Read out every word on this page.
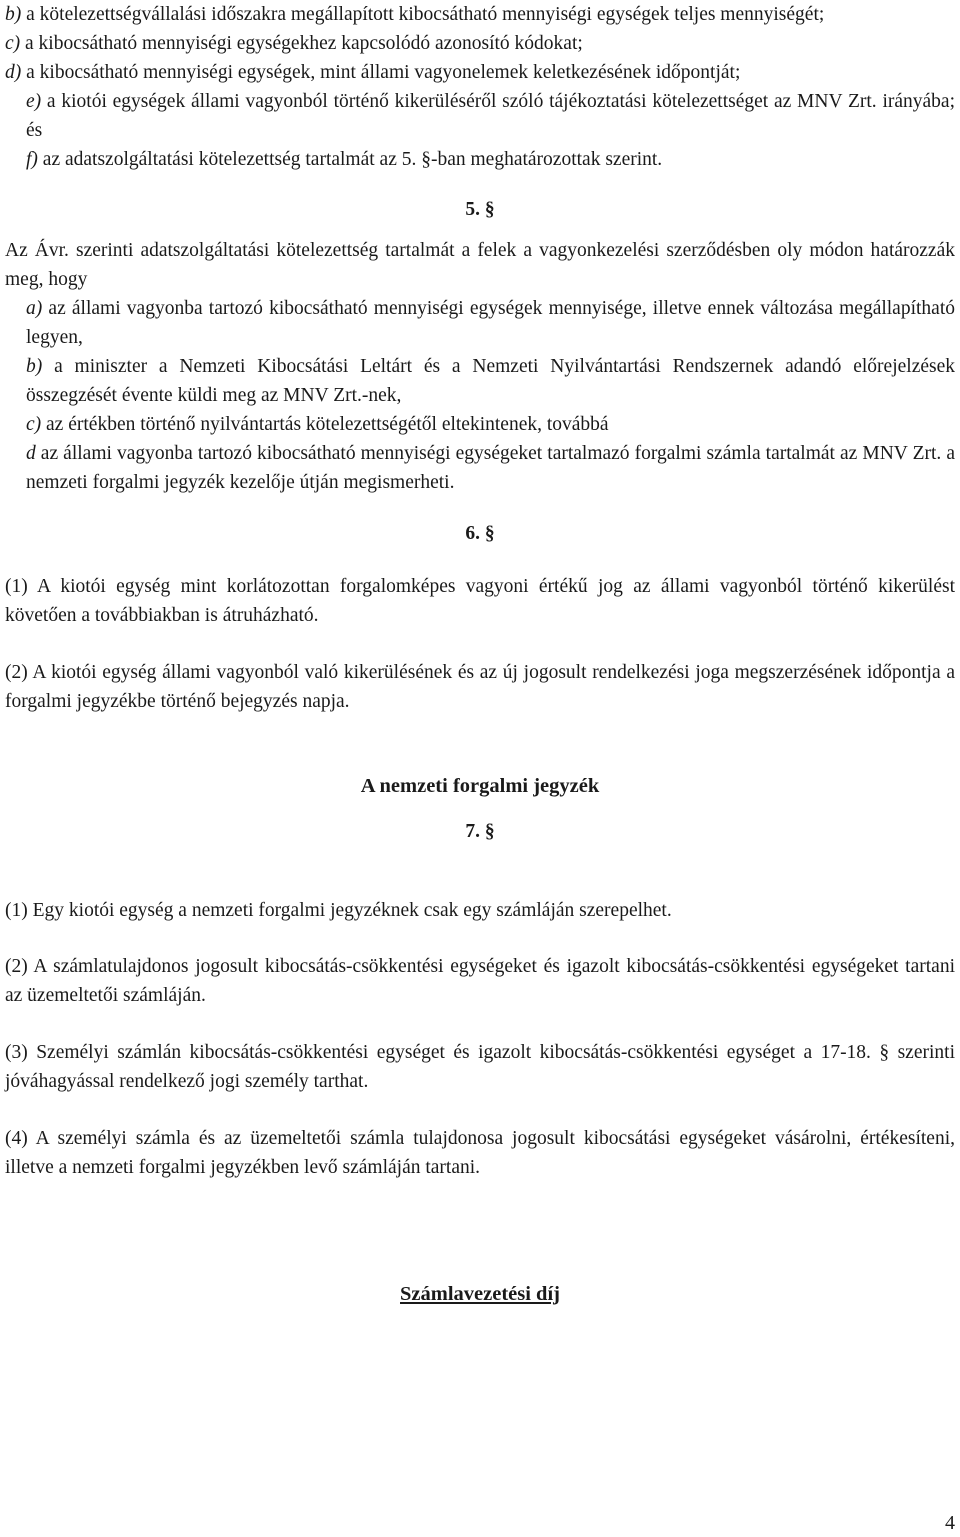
b) a kötelezettségvállalási időszakra megállapított kibocsátható mennyiségi egységek teljes mennyiségét;

c) a kibocsátható mennyiségi egységekhez kapcsolódó azonosító kódokat;

d) a kibocsátható mennyiségi egységek, mint állami vagyonelemek keletkezésének időpontját;

e) a kiotói egységek állami vagyonból történő kikerüléséről szóló tájékoztatási kötelezettséget az MNV Zrt. irányába; és

f) az adatszolgáltatási kötelezettség tartalmát az 5. §-ban meghatározottak szerint.

5. §

Az Ávr. szerinti adatszolgáltatási kötelezettség tartalmát a felek a vagyonkezelési szerződésben oly módon határozzák meg, hogy

a) az állami vagyonba tartozó kibocsátható mennyiségi egységek mennyisége, illetve ennek változása megállapítható legyen,

b) a miniszter a Nemzeti Kibocsátási Leltárt és a Nemzeti Nyilvántartási Rendszernek adandó előrejelzések összegzését évente küldi meg az MNV Zrt.-nek,

c) az értékben történő nyilvántartás kötelezettségétől eltekintenek, továbbá

d az állami vagyonba tartozó kibocsátható mennyiségi egységeket tartalmazó forgalmi számla tartalmát az MNV Zrt. a nemzeti forgalmi jegyzék kezelője útján megismerheti.

6. §

(1) A kiotói egység mint korlátozottan forgalomképes vagyoni értékű jog az állami vagyonból történő kikerülést követően a továbbiakban is átruházható.

(2) A kiotói egység állami vagyonból való kikerülésének és az új jogosult rendelkezési joga megszerzésének időpontja a forgalmi jegyzékbe történő bejegyzés napja.

A nemzeti forgalmi jegyzék

7. §

(1) Egy kiotói egység a nemzeti forgalmi jegyzéknek csak egy számláján szerepelhet.

(2) A számlatulajdonos jogosult kibocsátás-csökkentési egységeket és igazolt kibocsátás-csökkentési egységeket tartani az üzemeltetői számláján.

(3) Személyi számlán kibocsátás-csökkentési egységet és igazolt kibocsátás-csökkentési egységet a 17-18. § szerinti jóváhagyással rendelkező jogi személy tarthat.

(4) A személyi számla és az üzemeltetői számla tulajdonosa jogosult kibocsátási egységeket vásárolni, értékesíteni, illetve a nemzeti forgalmi jegyzékben levő számláján tartani.

Számlavezetési díj

4
